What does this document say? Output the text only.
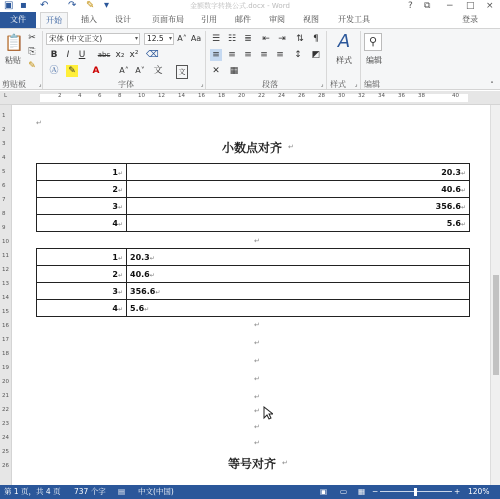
▣ ▪	↶ ↷ ✎ ▾	金额数字转换公式.docx - Word	? ⧉ − □ ×
文件	开始	插入	设计	页面布局	引用	邮件	审阅	视图	开发工具	登录
📋
粘贴
✂
⎘
✎
剪贴板	⌟
宋体 (中文正文)	▾	12.5 ▾ A˄ Aa
B	I	U	abc x₂ x² ⌫
Ⓐ ✎ A	A˄ A˅ 文	文
字体	⌟
☰ ☷ ≣ ⇤ ⇥ ⇅	¶
≡ ≡ ≡ ≡ ≡ ↕ ◩
✕ ▦
段落	⌟
A
样式
样式	⌟
⚲
编辑
编辑	˄
L	2	4	6	8	10 12 14 16 18 20 22 24 26 28 30 32 34 36 38	40
1
2
3
4
5
6
7
8
9
10
11
12
13
14
15
16
17
18
19
20
21
22
23
24
25
26
↵
小数点对齐 ↵
1↵	20.3↵
2↵	40.6↵
3↵	356.6↵
4↵	5.6↵
↵
1↵	20.3↵
2↵	40.6↵
3↵	356.6↵
4↵	5.6↵
↵
↵
↵
↵
↵
↵
↵
↵
等号对齐 ↵
第 1 页，共 4 页 737 个字 ▤ 中文(中国)	▣ ▭ ▦ −	+ 120%
